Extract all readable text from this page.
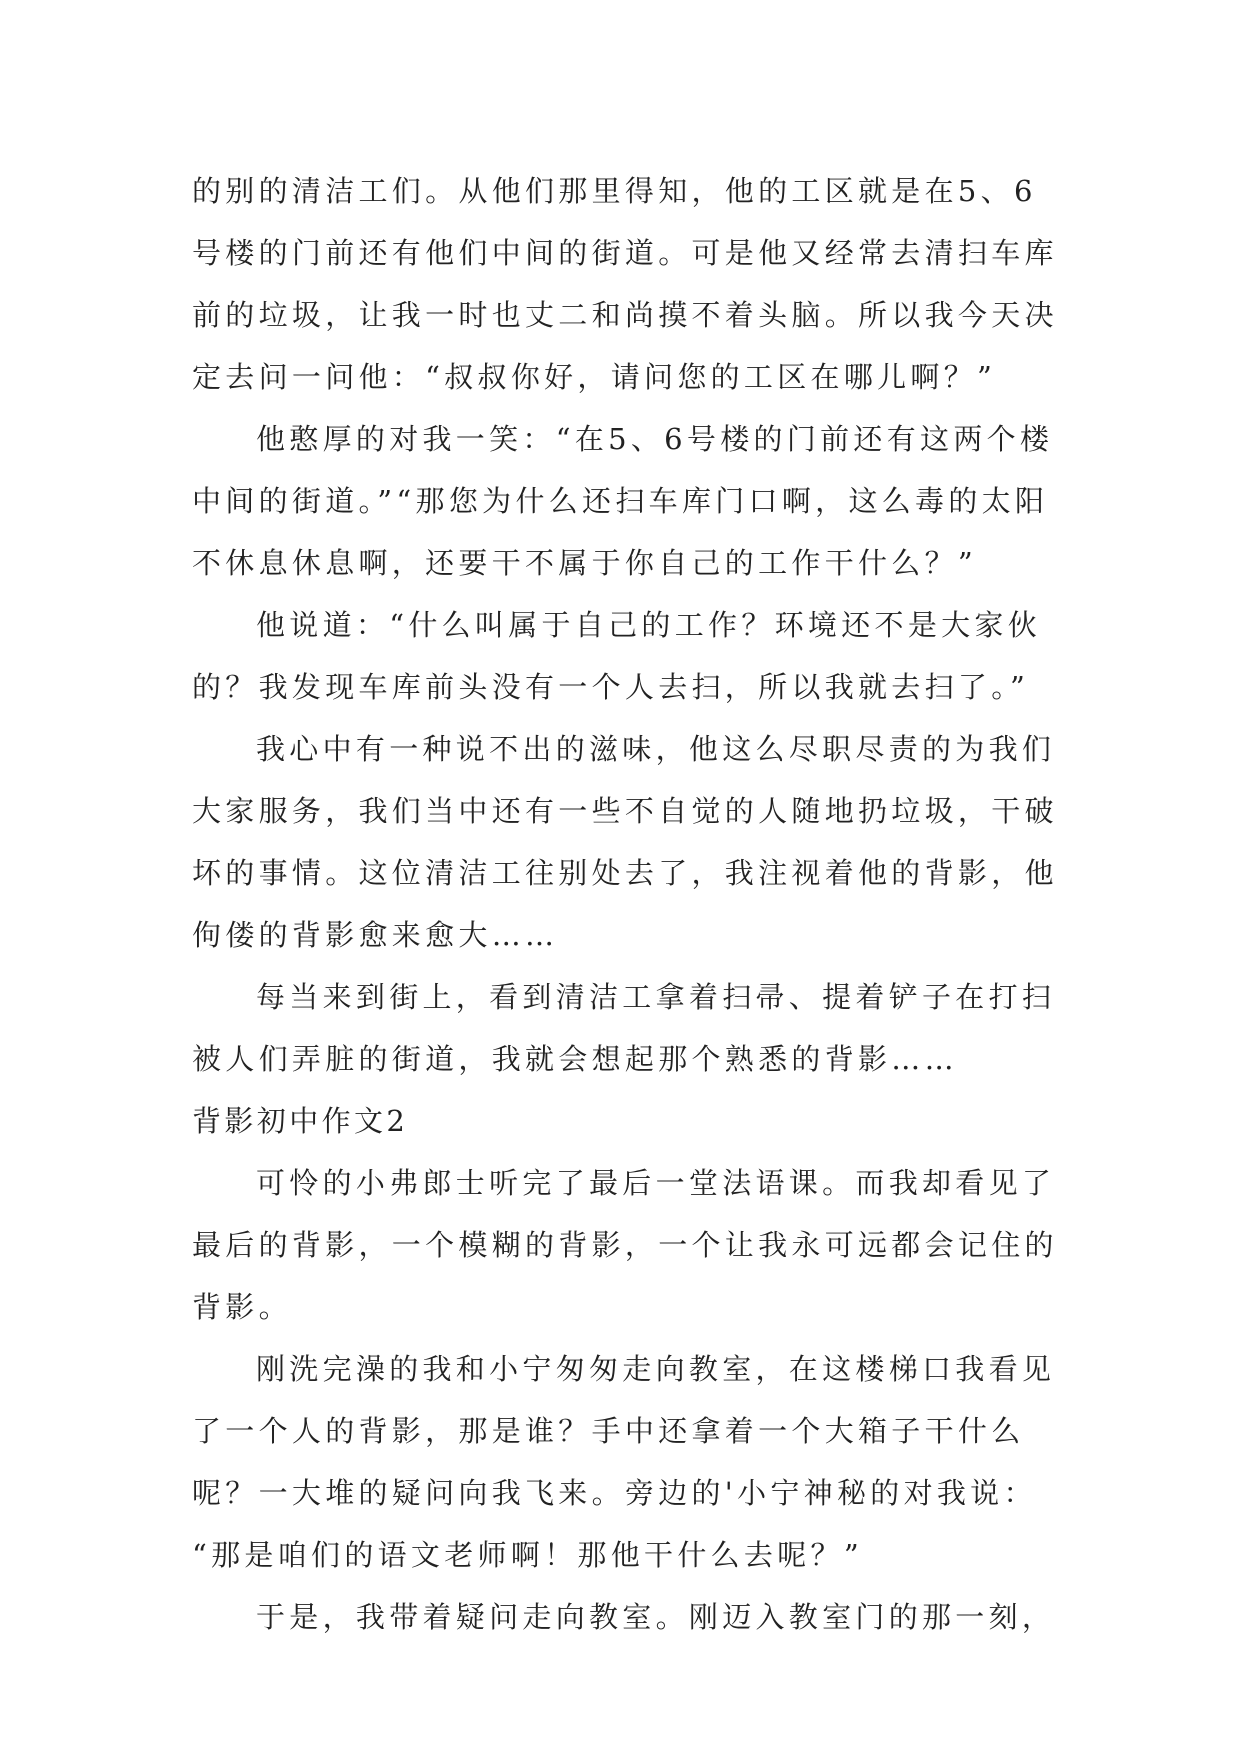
的别的清洁工们。从他们那里得知，他的工区就是在5、6
号楼的门前还有他们中间的街道。可是他又经常去清扫车库
前的垃圾，让我一时也丈二和尚摸不着头脑。所以我今天决
定去问一问他：“叔叔你好，请问您的工区在哪儿啊？”
他憨厚的对我一笑：“在5、6号楼的门前还有这两个楼
中间的街道。”“那您为什么还扫车库门口啊，这么毒的太阳
不休息休息啊，还要干不属于你自己的工作干什么？”
他说道：“什么叫属于自己的工作？环境还不是大家伙
的？我发现车库前头没有一个人去扫，所以我就去扫了。”
我心中有一种说不出的滋味，他这么尽职尽责的为我们
大家服务，我们当中还有一些不自觉的人随地扔垃圾，干破
坏的事情。这位清洁工往别处去了，我注视着他的背影，他
佝偻的背影愈来愈大……
每当来到街上，看到清洁工拿着扫帚、提着铲子在打扫
被人们弄脏的街道，我就会想起那个熟悉的背影……
背影初中作文2
可怜的小弗郎士听完了最后一堂法语课。而我却看见了
最后的背影，一个模糊的背影，一个让我永可远都会记住的
背影。
刚洗完澡的我和小宁匆匆走向教室，在这楼梯口我看见
了一个人的背影，那是谁？手中还拿着一个大箱子干什么
呢？一大堆的疑问向我飞来。旁边的'小宁神秘的对我说：
“那是咱们的语文老师啊！那他干什么去呢？”
于是，我带着疑问走向教室。刚迈入教室门的那一刻，
